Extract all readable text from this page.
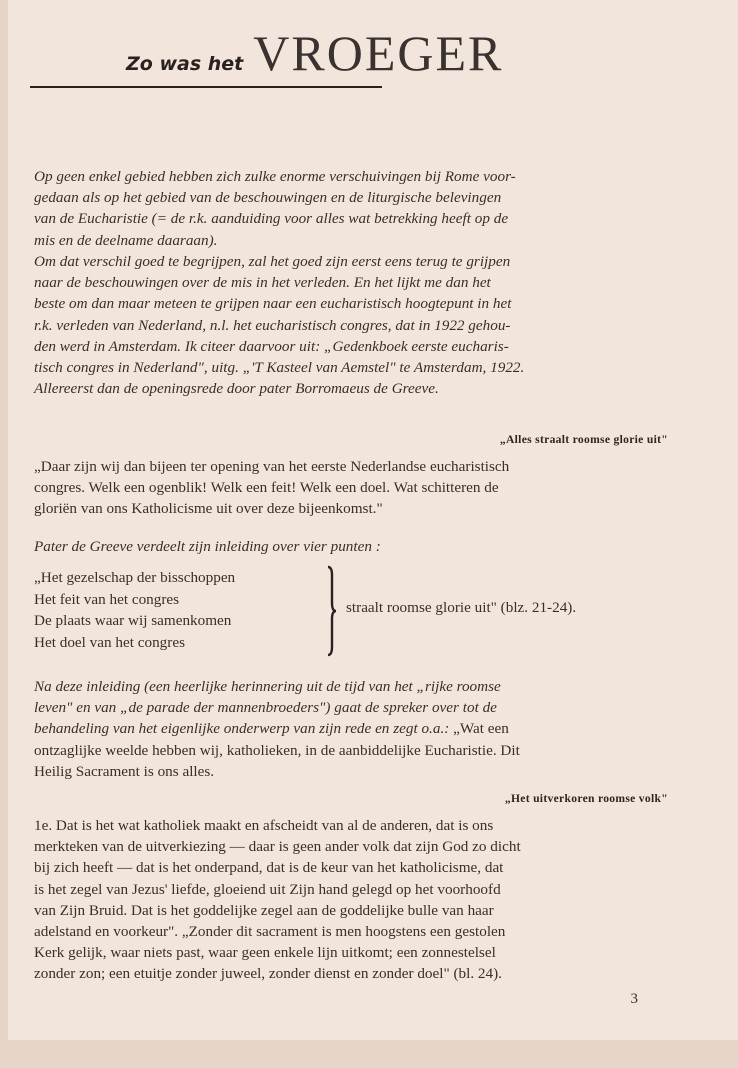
Zo was het VROEGER
Op geen enkel gebied hebben zich zulke enorme verschuivingen bij Rome voor-
gedaan als op het gebied van de beschouwingen en de liturgische belevingen
van de Eucharistie (= de r.k. aanduiding voor alles wat betrekking heeft op de
mis en de deelname daaraan).
Om dat verschil goed te begrijpen, zal het goed zijn eerst eens terug te grijpen
naar de beschouwingen over de mis in het verleden. En het lijkt me dan het
beste om dan maar meteen te grijpen naar een eucharistisch hoogtepunt in het
r.k. verleden van Nederland, n.l. het eucharistisch congres, dat in 1922 gehou-
den werd in Amsterdam. Ik citeer daarvoor uit: „Gedenkboek eerste eucharis-
tisch congres in Nederland", uitg. „'T Kasteel van Aemstel" te Amsterdam, 1922.
Allereerst dan de openingsrede door pater Borromaeus de Greeve.
„Alles straalt roomse glorie uit"
„Daar zijn wij dan bijeen ter opening van het eerste Nederlandse eucharistisch
congres. Welk een ogenblik! Welk een feit! Welk een doel. Wat schitteren de
gloriën van ons Katholicisme uit over deze bijeenkomst."
Pater de Greeve verdeelt zijn inleiding over vier punten :
„Het gezelschap der bisschoppen
Het feit van het congres
De plaats waar wij samenkomen
Het doel van het congres
straalt roomse glorie uit" (blz. 21-24).
Na deze inleiding (een heerlijke herinnering uit de tijd van het „rijke roomse
leven" en van „de parade der mannenbroeders") gaat de spreker over tot de
behandeling van het eigenlijke onderwerp van zijn rede en zegt o.a.: „Wat een
ontzaglijke weelde hebben wij, katholieken, in de aanbiddelijke Eucharistie. Dit
Heilig Sacrament is ons alles.
„Het uitverkoren roomse volk"
1e. Dat is het wat katholiek maakt en afscheidt van al de anderen, dat is ons
merkteken van de uitverkiezing — daar is geen ander volk dat zijn God zo dicht
bij zich heeft — dat is het onderpand, dat is de keur van het katholicisme, dat
is het zegel van Jezus' liefde, gloeiend uit Zijn hand gelegd op het voorhoofd
van Zijn Bruid. Dat is het goddelijke zegel aan de goddelijke bulle van haar
adelstand en voorkeur". „Zonder dit sacrament is men hoogstens een gestolen
Kerk gelijk, waar niets past, waar geen enkele lijn uitkomt; een zonnestelsel
zonder zon; een etuitje zonder juweel, zonder dienst en zonder doel" (bl. 24).
3
